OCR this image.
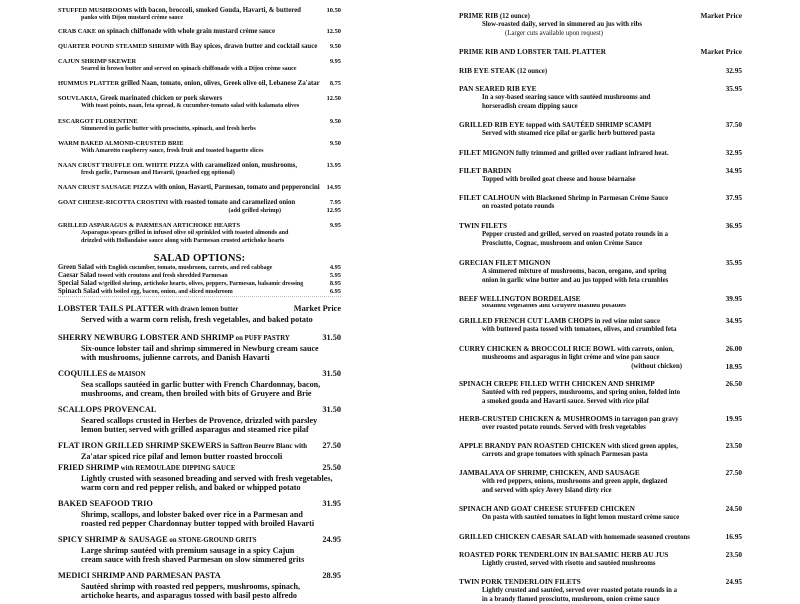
STUFFED MUSHROOMS with bacon, broccoli, smoked Gouda, Havarti, & buttered	10.50
panko with Dijon mustard crème sauce
CRAB CAKE on spinach chiffonade with whole grain mustard crème sauce	12.50
QUARTER POUND STEAMED SHRIMP with Bay spices, drawn butter and cocktail sauce 9.50
CAJUN SHRIMP SKEWER	9.95
Seared in brown butter and served on spinach chiffonade with a Dijon crème sauce
HUMMUS PLATTER grilled Naan, tomato, onion, olives, Greek olive oil, Lebanese Za'atar 8.75
SOUVLAKIA, Greek marinated chicken or pork skewers	12.50
With toast points, naan, feta spread, & cucumber-tomato salad with kalamata olives
ESCARGOT FLORENTINE	9.50
Simmered in garlic butter with prosciutto, spinach, and fresh herbs
WARM BAKED ALMOND-CRUSTED BRIE	9.50
With Amaretto raspberry sauce, fresh fruit and toasted baguette slices
NAAN CRUST TRUFFLE OIL WHITE PIZZA with caramelized onion, mushrooms,	13.95
fresh garlic, Parmesan and Havarti, (poached egg optional)
NAAN CRUST SAUSAGE PIZZA with onion, Havarti, Parmesan, tomato and pepperoncini 14.95
GOAT CHEESE-RICOTTA CROSTINI with roasted tomato and caramelized onion	7.95
(add grilled shrimp)	12.95
GRILLED ASPARAGUS & PARMESAN ARTICHOKE HEARTS	9.95
Asparagus spears grilled in infused olive oil sprinkled with toasted almonds and
drizzled with Hollandaise sauce along with Parmesan crusted artichoke hearts
SALAD OPTIONS:
Green Salad with English cucumber, tomato, mushroom, carrots, and red cabbage	4.95
Caesar Salad tossed with croutons and fresh shredded Parmesan	5.95
Special Salad w/grilled shrimp, artichoke hearts, olives, peppers, Parmesan, balsamic dressing	8.95
Spinach Salad with boiled egg, bacon, onion, and sliced mushroom	6.95
LOBSTER TAILS PLATTER with drawn lemon butter	Market Price
Served with a warm corn relish, fresh vegetables, and baked potato
SHERRY NEWBURG LOBSTER AND SHRIMP on PUFF PASTRY	31.50
Six-ounce lobster tail and shrimp simmered in Newburg cream sauce
with mushrooms, julienne carrots, and Danish Havarti
COQUILLES de MAISON	31.50
Sea scallops sautéed in garlic butter with French Chardonnay, bacon,
mushrooms, and cream, then broiled with bits of Gruyere and Brie
SCALLOPS PROVENCAL	31.50
Seared scallops crusted in Herbes de Provence, drizzled with parsley
lemon butter, served with grilled asparagus and steamed rice pilaf
FLAT IRON GRILLED SHRIMP SKEWERS in Saffron Beurre Blanc with 27.50
Za'atar spiced rice pilaf and lemon butter roasted broccoli
FRIED SHRIMP with REMOULADE DIPPING SAUCE	25.50
Lightly crusted with seasoned breading and served with fresh vegetables,
warm corn and red pepper relish, and baked or whipped potato
BAKED SEAFOOD TRIO	31.95
Shrimp, scallops, and lobster baked over rice in a Parmesan and
roasted red pepper Chardonnay butter topped with broiled Havarti
SPICY SHRIMP & SAUSAGE on STONE-GROUND GRITS	24.95
Large shrimp sautéed with premium sausage in a spicy Cajun
cream sauce with fresh shaved Parmesan on slow simmered grits
MEDICI SHRIMP AND PARMESAN PASTA	28.95
Sautéed shrimp with roasted red peppers, mushrooms, spinach,
artichoke hearts, and asparagus tossed with basil pesto alfredo
PRIME RIB (12 ounce)	Market Price
Slow-roasted daily, served in simmered au jus with ribs
(Larger cuts available upon request)
PRIME RIB AND LOBSTER TAIL PLATTER	Market Price
RIB EYE STEAK (12 ounce)	32.95
PAN SEARED RIB EYE	35.95
In a soy-based searing sauce with sautéed mushrooms and
horseradish cream dipping sauce
GRILLED RIB EYE topped with SAUTÉED SHRIMP SCAMPI	37.50
Served with steamed rice pilaf or garlic herb buttered pasta
FILET MIGNON fully trimmed and grilled over radiant infrared heat.	32.95
FILET BARDIN	34.95
Topped with broiled goat cheese and house béarnaise
FILET CALHOUN with Blackened Shrimp in Parmesan Crème Sauce	37.95
on roasted potato rounds
TWIN FILETS	36.95
Pepper crusted and grilled, served on roasted potato rounds in a
Prosciutto, Cognac, mushroom and onion Crème Sauce
GRECIAN FILET MIGNON	35.95
A simmered mixture of mushrooms, bacon, oregano, and spring
onion in garlic wine butter and au jus topped with feta crumbles
BEEF WELLINGTON BORDELAISE	39.95
steamed vegetables and Gruyere mashed potatoes
GRILLED FRENCH CUT LAMB CHOPS in red wine mint sauce	34.95
with buttered pasta tossed with tomatoes, olives, and crumbled feta
CURRY CHICKEN & BROCCOLI RICE BOWL with carrots, onion,	26.00
mushrooms and asparagus in light crème and wine pan sauce
(without chicken)	18.95
SPINACH CREPE FILLED WITH CHICKEN AND SHRIMP	26.50
Sautéed with red peppers, mushrooms, and spring onion, folded into
a smoked gouda and Havarti sauce. Served with rice pilaf
HERB-CRUSTED CHICKEN & MUSHROOMS in tarragon pan gravy	19.95
over roasted potato rounds. Served with fresh vegetables
APPLE BRANDY PAN ROASTED CHICKEN with sliced green apples,	23.50
carrots and grape tomatoes with spinach Parmesan pasta
JAMBALAYA OF SHRIMP, CHICKEN, AND SAUSAGE	27.50
with red peppers, onions, mushrooms and green apple, deglazed
and served with spicy Avery Island dirty rice
SPINACH AND GOAT CHEESE STUFFED CHICKEN	24.50
On pasta with sautéed tomatoes in light lemon mustard crème sauce
GRILLED CHICKEN CAESAR SALAD with homemade seasoned croutons	16.95
ROASTED PORK TENDERLOIN IN BALSAMIC HERB AU JUS	23.50
Lightly crusted, served with risotto and sautéed mushrooms
TWIN PORK TENDERLOIN FILETS	24.95
Lightly crusted and sautéed, served over roasted potato rounds in a
in a brandy flamed prosciutto, mushroom, onion crème sauce
